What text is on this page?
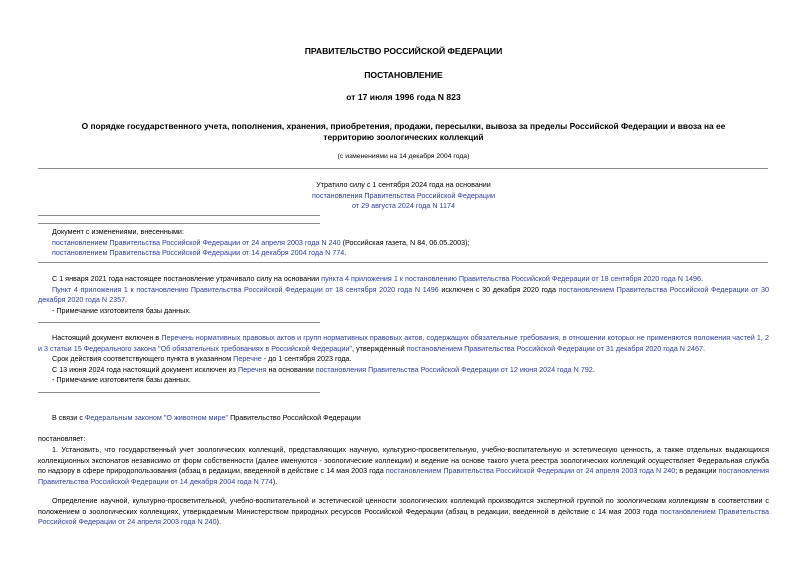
ПРАВИТЕЛЬСТВО РОССИЙСКОЙ ФЕДЕРАЦИИ
ПОСТАНОВЛЕНИЕ
от 17 июля 1996 года N 823
О порядке государственного учета, пополнения, хранения, приобретения, продажи, пересылки, вывоза за пределы Российской Федерации и ввоза на ее
территорию зоологических коллекций
(с изменениями на 14 декабря 2004 года)
Утратило силу с 1 сентября 2024 года на основании
постановления Правительства Российской Федерации
от 29 августа 2024 года N 1174

Документ с изменениями, внесенными:

постановлением Правительства Российской Федерации от 24 апреля 2003 года N 240 (Российская газета, N 84, 06.05.2003);

постановлением Правительства Российской Федерации от 14 декабря 2004 года N 774.

С 1 января 2021 года настоящее постановление утрачивало силу на основании пункта 4 приложения 1 к постановлению Правительства Российской Федерации от 18 сентября 2020 года N 1496.

Пункт 4 приложения 1 к постановлению Правительства Российской Федерации от 18 сентября 2020 года N 1496 исключен с 30 декабря 2020 года постановлением Правительства Российской Федерации от 30 декабря 2020 года N 2357.

- Примечание изготовителя базы данных.

Настоящий документ включен в Перечень нормативных правовых актов и групп нормативных правовых актов, содержащих обязательные требования, в отношении которых не применяются положения частей 1, 2 и 3 статьи 15 Федерального закона "Об обязательных требованиях в Российской Федерации", утвержденный постановлением Правительства Российской Федерации от 31 декабря 2020 года N 2467.

Срок действия соответствующего пункта в указанном Перечне - до 1 сентября 2023 года.

С 13 июня 2024 года настоящий документ исключен из Перечня на основании постановления Правительства Российской Федерации от 12 июня 2024 года N 792.

- Примечание изготовителя базы данных.

В связи с Федеральным законом "О животном мире" Правительство Российской Федерации

постановляет:

1. Установить, что государственный учет зоологических коллекций, представляющих научную, культурно-просветительную, учебно-воспитательную и эстетическую ценность, а также отдельных выдающихся коллекционных экспонатов независимо от форм собственности (далее именуются - зоологические коллекции) и ведение на основе такого учета реестра зоологических коллекций осуществляет Федеральная служба по надзору в сфере природопользования (абзац в редакции, введенной в действие с 14 мая 2003 года постановлением Правительства Российской Федерации от 24 апреля 2003 года N 240; в редакции постановления Правительства Российской Федерации от 14 декабря 2004 года N 774).

Определение научной, культурно-просветительной, учебно-воспитательной и эстетической ценности зоологических коллекций производится экспертной группой по зоологическим коллекциям в соответствии с положением о зоологических коллекциях, утверждаемым Министерством природных ресурсов Российской Федерации (абзац в редакции, введенной в действие с 14 мая 2003 года постановлением Правительства Российской Федерации от 24 апреля 2003 года N 240).
